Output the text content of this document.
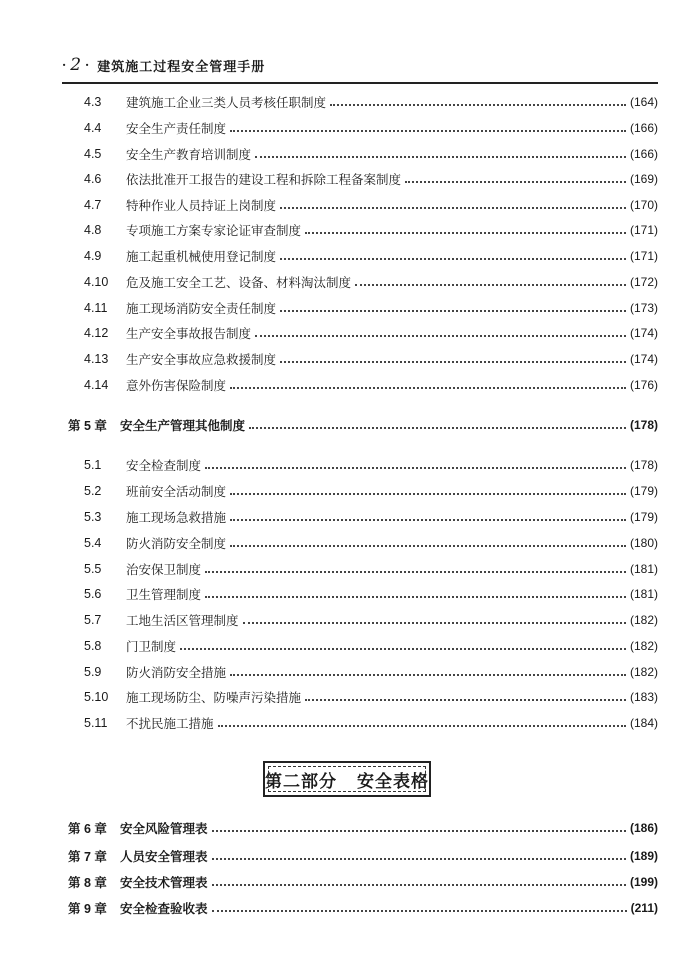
· 2 · 建筑施工过程安全管理手册
4.3	建筑施工企业三类人员考核任职制度	(164)
4.4	安全生产责任制度	(166)
4.5	安全生产教育培训制度	(166)
4.6	依法批准开工报告的建设工程和拆除工程备案制度	(169)
4.7	特种作业人员持证上岗制度	(170)
4.8	专项施工方案专家论证审查制度	(171)
4.9	施工起重机械使用登记制度	(171)
4.10	危及施工安全工艺、设备、材料淘汰制度	(172)
4.11	施工现场消防安全责任制度	(173)
4.12	生产安全事故报告制度	(174)
4.13	生产安全事故应急救援制度	(174)
4.14	意外伤害保险制度	(176)
第 5 章	安全生产管理其他制度	(178)
5.1	安全检查制度	(178)
5.2	班前安全活动制度	(179)
5.3	施工现场急救措施	(179)
5.4	防火消防安全制度	(180)
5.5	治安保卫制度	(181)
5.6	卫生管理制度	(181)
5.7	工地生活区管理制度	(182)
5.8	门卫制度	(182)
5.9	防火消防安全措施	(182)
5.10	施工现场防尘、防噪声污染措施	(183)
5.11	不扰民施工措施	(184)
第二部分 安全表格
第 6 章	安全风险管理表	(186)
第 7 章	人员安全管理表	(189)
第 8 章	安全技术管理表	(199)
第 9 章	安全检查验收表	(211)
